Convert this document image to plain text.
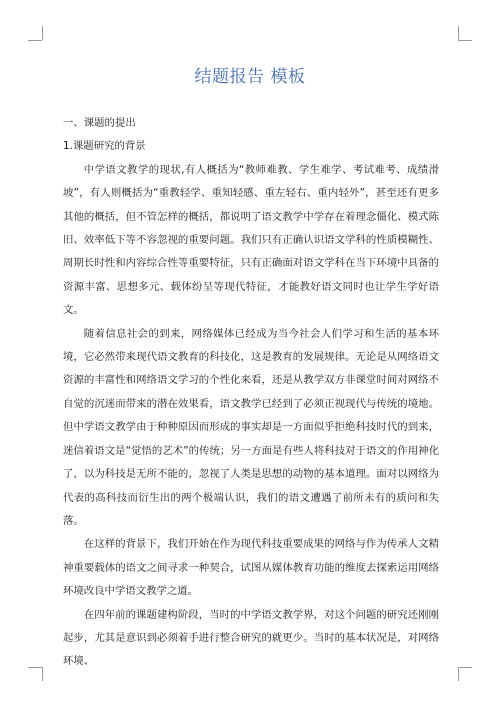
结题报告 模板

一、课题的提出

1.课题研究的背景

中学语文教学的现状,有人概括为“教师难教、学生难学、考试难考、成绩滑坡”，有人则概括为“重教轻学、重知轻感、重左轻右、重内轻外”，甚至还有更多其他的概括，但不管怎样的概括，都说明了语文教学中学存在着理念僵化、模式陈旧、效率低下等不容忽视的重要问题。我们只有正确认识语文学科的性质模糊性、周期长时性和内容综合性等重要特征，只有正确面对语文学科在当下环境中具备的资源丰富、思想多元、载体纷呈等现代特征，才能教好语文同时也让学生学好语文。

随着信息社会的到来，网络媒体已经成为当今社会人们学习和生活的基本环境，它必然带来现代语文教育的科技化，这是教育的发展规律。无论是从网络语文资源的丰富性和网络语文学习的个性化来看，还是从教学双方非课堂时间对网络不自觉的沉迷而带来的潜在效果看，语文教学已经到了必须正视现代与传统的境地。但中学语文教学由于种种原因而形成的事实却是一方面似乎拒绝科技时代的到来，迷信着语文是“觉悟的艺术”的传统；另一方面是有些人将科技对于语文的作用神化了，以为科技是无所不能的，忽视了人类是思想的动物的基本道理。面对以网络为代表的高科技而衍生出的两个极端认识，我们的语文遭遇了前所未有的质问和失落。

在这样的背景下，我们开始在作为现代科技重要成果的网络与作为传承人文精神重要载体的语文之间寻求一种契合，试图从媒体教育功能的维度去探索运用网络环境改良中学语文教学之道。

在四年前的课题建构阶段，当时的中学语文教学界，对这个问题的研究还刚刚起步，尤其是意识到必须着手进行整合研究的就更少。当时的基本状况是，对网络环境、
